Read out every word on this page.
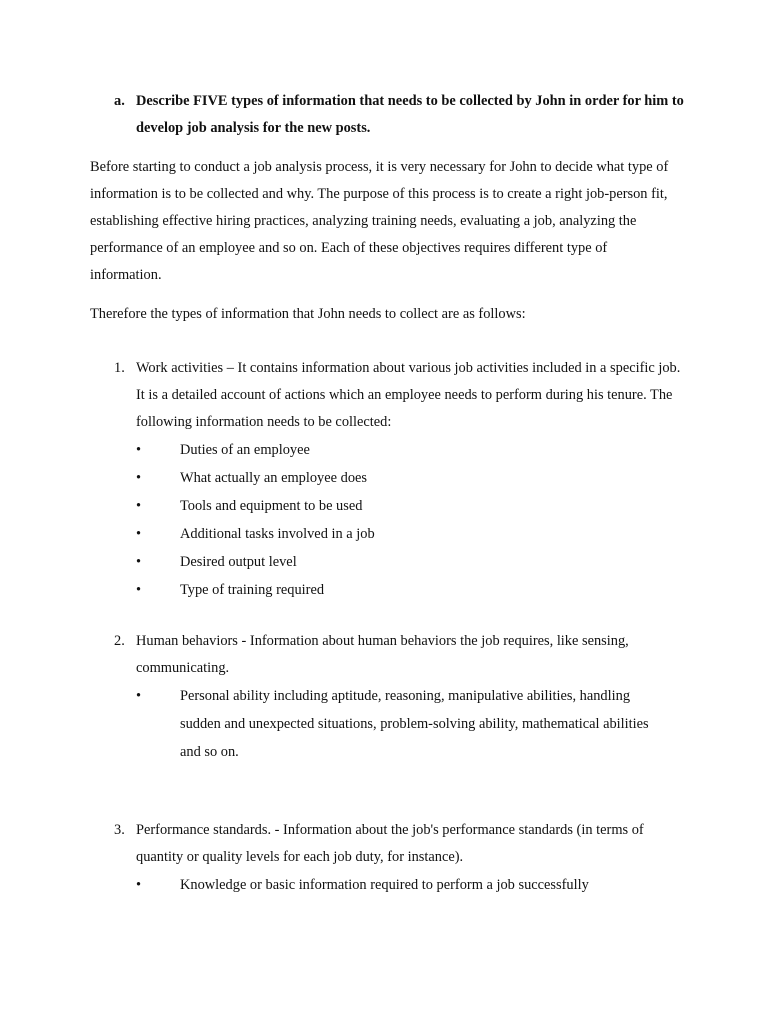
a. Describe FIVE types of information that needs to be collected by John in order for him to develop job analysis for the new posts.
Before starting to conduct a job analysis process, it is very necessary for John to decide what type of information is to be collected and why. The purpose of this process is to create a right job-person fit, establishing effective hiring practices, analyzing training needs, evaluating a job, analyzing the performance of an employee and so on. Each of these objectives requires different type of information.
Therefore the types of information that John needs to collect are as follows:
1. Work activities – It contains information about various job activities included in a specific job. It is a detailed account of actions which an employee needs to perform during his tenure. The following information needs to be collected:
•	Duties of an employee
•	What actually an employee does
•	Tools and equipment to be used
•	Additional tasks involved in a job
•	Desired output level
•	Type of training required
2. Human behaviors - Information about human behaviors the job requires, like sensing, communicating.
•	Personal ability including aptitude, reasoning, manipulative abilities, handling sudden and unexpected situations, problem-solving ability, mathematical abilities and so on.
3. Performance standards. - Information about the job's performance standards (in terms of quantity or quality levels for each job duty, for instance).
•	Knowledge or basic information required to perform a job successfully
